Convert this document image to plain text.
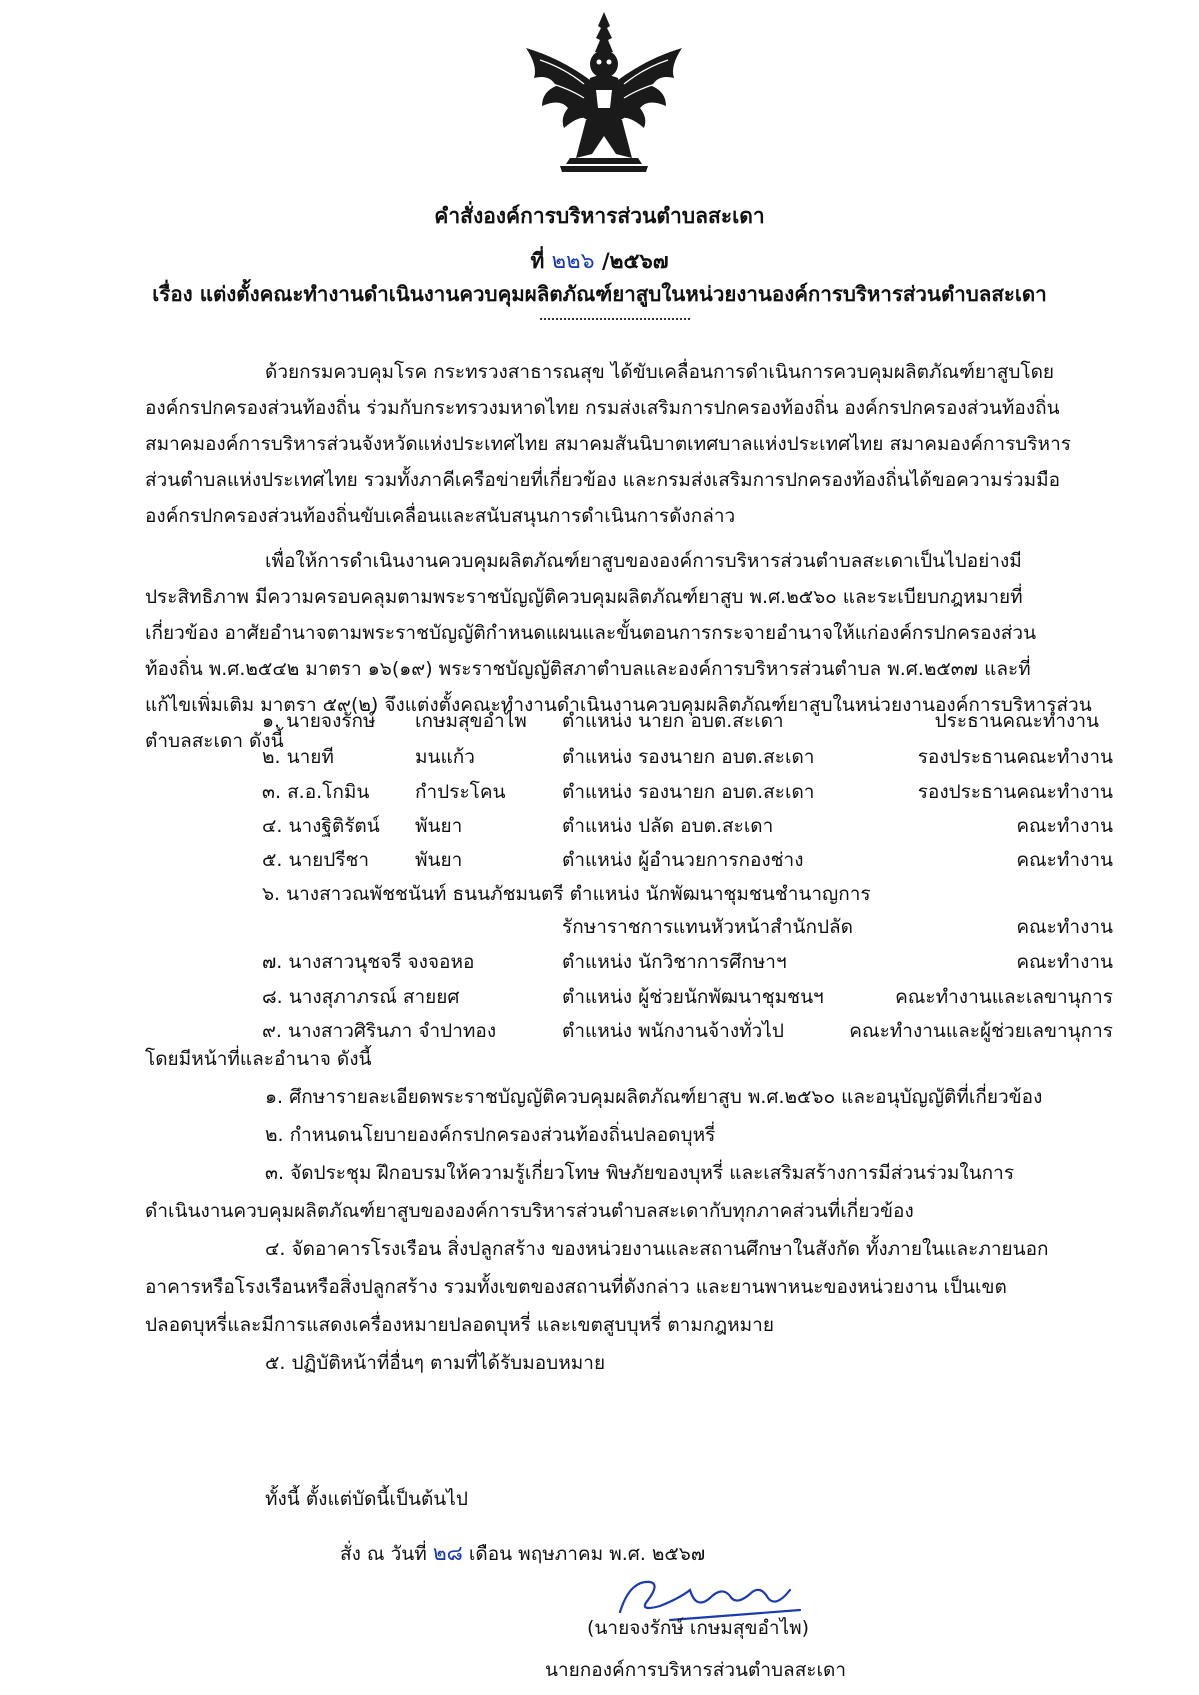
คำสั่งองค์การบริหารส่วนตำบลสะเดา
ที่ ๒๒๖ /๒๕๖๗
เรื่อง แต่งตั้งคณะทำงานดำเนินงานควบคุมผลิตภัณฑ์ยาสูบในหน่วยงานองค์การบริหารส่วนตำบลสะเดา
ด้วยกรมควบคุมโรค กระทรวงสาธารณสุข ได้ขับเคลื่อนการดำเนินการควบคุมผลิตภัณฑ์ยาสูบโดย
องค์กรปกครองส่วนท้องถิ่น ร่วมกับกระทรวงมหาดไทย กรมส่งเสริมการปกครองท้องถิ่น องค์กรปกครองส่วนท้องถิ่น
สมาคมองค์การบริหารส่วนจังหวัดแห่งประเทศไทย สมาคมสันนิบาตเทศบาลแห่งประเทศไทย สมาคมองค์การบริหาร
ส่วนตำบลแห่งประเทศไทย รวมทั้งภาคีเครือข่ายที่เกี่ยวข้อง และกรมส่งเสริมการปกครองท้องถิ่นได้ขอความร่วมมือ
องค์กรปกครองส่วนท้องถิ่นขับเคลื่อนและสนับสนุนการดำเนินการดังกล่าว
เพื่อให้การดำเนินงานควบคุมผลิตภัณฑ์ยาสูบขององค์การบริหารส่วนตำบลสะเดาเป็นไปอย่างมี
ประสิทธิภาพ มีความครอบคลุมตามพระราชบัญญัติควบคุมผลิตภัณฑ์ยาสูบ พ.ศ.๒๕๖๐ และระเบียบกฎหมายที่
เกี่ยวข้อง อาศัยอำนาจตามพระราชบัญญัติกำหนดแผนและขั้นตอนการกระจายอำนาจให้แก่องค์กรปกครองส่วน
ท้องถิ่น พ.ศ.๒๕๔๒ มาตรา ๑๖(๑๙) พระราชบัญญัติสภาตำบลและองค์การบริหารส่วนตำบล พ.ศ.๒๕๓๗ และที่
แก้ไขเพิ่มเติม มาตรา ๕๙(๒) จึงแต่งตั้งคณะทำงานดำเนินงานควบคุมผลิตภัณฑ์ยาสูบในหน่วยงานองค์การบริหารส่วน
ตำบลสะเดา ดังนี้
๑. นายจงรักษ์ เกษมสุขอำไพ ตำแหน่ง นายก อบต.สะเดา	ประธานคณะทำงาน
๒. นายที	มนแก้ว	ตำแหน่ง รองนายก อบต.สะเดา	รองประธานคณะทำงาน
๓. ส.อ.โกมิน กำประโคน	ตำแหน่ง รองนายก อบต.สะเดา	รองประธานคณะทำงาน
๔. นางฐิติรัตน์ พันยา	ตำแหน่ง ปลัด อบต.สะเดา	คณะทำงาน
๕. นายปรีชา พันยา	ตำแหน่ง ผู้อำนวยการกองช่าง	คณะทำงาน
๖. นางสาวณพัชชนันท์ ธนนภัชมนตรี ตำแหน่ง นักพัฒนาชุมชนชำนาญการ
รักษาราชการแทนหัวหน้าสำนักปลัด	คณะทำงาน
๗. นางสาวนุชจรี จงจอหอ	ตำแหน่ง นักวิชาการศึกษาฯ	คณะทำงาน
๘. นางสุภาภรณ์ สายยศ	ตำแหน่ง ผู้ช่วยนักพัฒนาชุมชนฯ	คณะทำงานและเลขานุการ
๙. นางสาวศิรินภา จำปาทอง	ตำแหน่ง พนักงานจ้างทั่วไป	คณะทำงานและผู้ช่วยเลขานุการ
โดยมีหน้าที่และอำนาจ ดังนี้
๑. ศึกษารายละเอียดพระราชบัญญัติควบคุมผลิตภัณฑ์ยาสูบ พ.ศ.๒๕๖๐ และอนุบัญญัติที่เกี่ยวข้อง
๒. กำหนดนโยบายองค์กรปกครองส่วนท้องถิ่นปลอดบุหรี่
๓. จัดประชุม ฝึกอบรมให้ความรู้เกี่ยวโทษ พิษภัยของบุหรี่ และเสริมสร้างการมีส่วนร่วมในการ
ดำเนินงานควบคุมผลิตภัณฑ์ยาสูบขององค์การบริหารส่วนตำบลสะเดากับทุกภาคส่วนที่เกี่ยวข้อง
๔. จัดอาคารโรงเรือน สิ่งปลูกสร้าง ของหน่วยงานและสถานศึกษาในสังกัด ทั้งภายในและภายนอก
อาคารหรือโรงเรือนหรือสิ่งปลูกสร้าง รวมทั้งเขตของสถานที่ดังกล่าว และยานพาหนะของหน่วยงาน เป็นเขต
ปลอดบุหรี่และมีการแสดงเครื่องหมายปลอดบุหรี่ และเขตสูบบุหรี่ ตามกฎหมาย
๕. ปฏิบัติหน้าที่อื่นๆ ตามที่ได้รับมอบหมาย
ทั้งนี้ ตั้งแต่บัดนี้เป็นต้นไป
สั่ง ณ วันที่ ๒๘ เดือน พฤษภาคม พ.ศ. ๒๕๖๗
(นายจงรักษ์ เกษมสุขอำไพ)
นายกองค์การบริหารส่วนตำบลสะเดา
